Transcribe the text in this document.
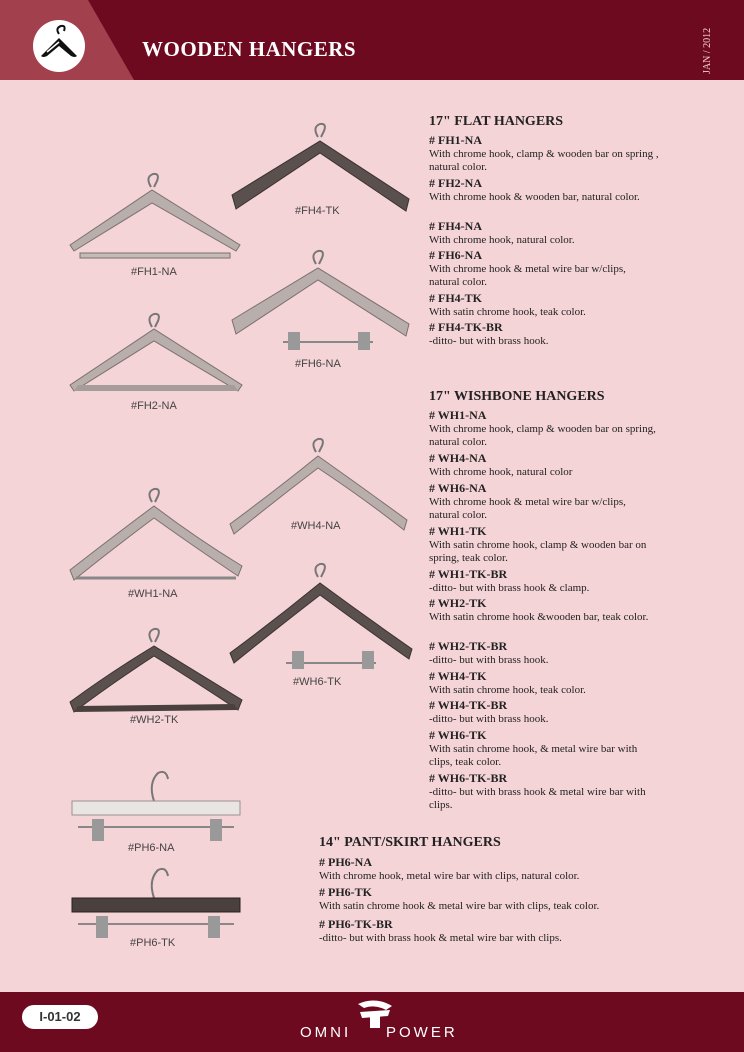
WOODEN HANGERS	JAN / 2012
#FH1-NA
#FH4-TK
#FH6-NA
#FH2-NA
#WH4-NA
#WH1-NA
#WH6-TK
#WH2-TK
#PH6-NA
#PH6-TK
17" FLAT HANGERS
# FH1-NA
With chrome hook, clamp & wooden bar on spring , natural color.
# FH2-NA
With chrome hook & wooden bar, natural color.
# FH4-NA
With chrome hook, natural color.
# FH6-NA
With chrome hook & metal wire bar w/clips, natural color.
# FH4-TK
With satin chrome hook, teak color.
# FH4-TK-BR
-ditto- but with brass hook.
17" WISHBONE HANGERS
# WH1-NA
With chrome hook, clamp & wooden bar on spring, natural color.
# WH4-NA
With chrome hook, natural color
# WH6-NA
With chrome hook & metal wire bar w/clips, natural color.
# WH1-TK
With satin chrome hook, clamp & wooden bar on spring, teak color.
# WH1-TK-BR
-ditto- but with brass hook & clamp.
# WH2-TK
With satin chrome hook &wooden bar, teak color.
# WH2-TK-BR
-ditto- but with brass hook.
# WH4-TK
With satin chrome hook, teak color.
# WH4-TK-BR
-ditto- but with brass hook.
# WH6-TK
With satin chrome hook, & metal wire bar with clips, teak color.
# WH6-TK-BR
-ditto- but with brass hook & metal wire bar with clips.
14" PANT/SKIRT HANGERS
# PH6-NA
With chrome hook, metal wire bar with clips, natural color.
# PH6-TK
With satin chrome hook & metal wire bar with clips, teak color.
# PH6-TK-BR
-ditto- but with brass hook & metal wire bar with clips.
I-01-02
OMNI POWER
